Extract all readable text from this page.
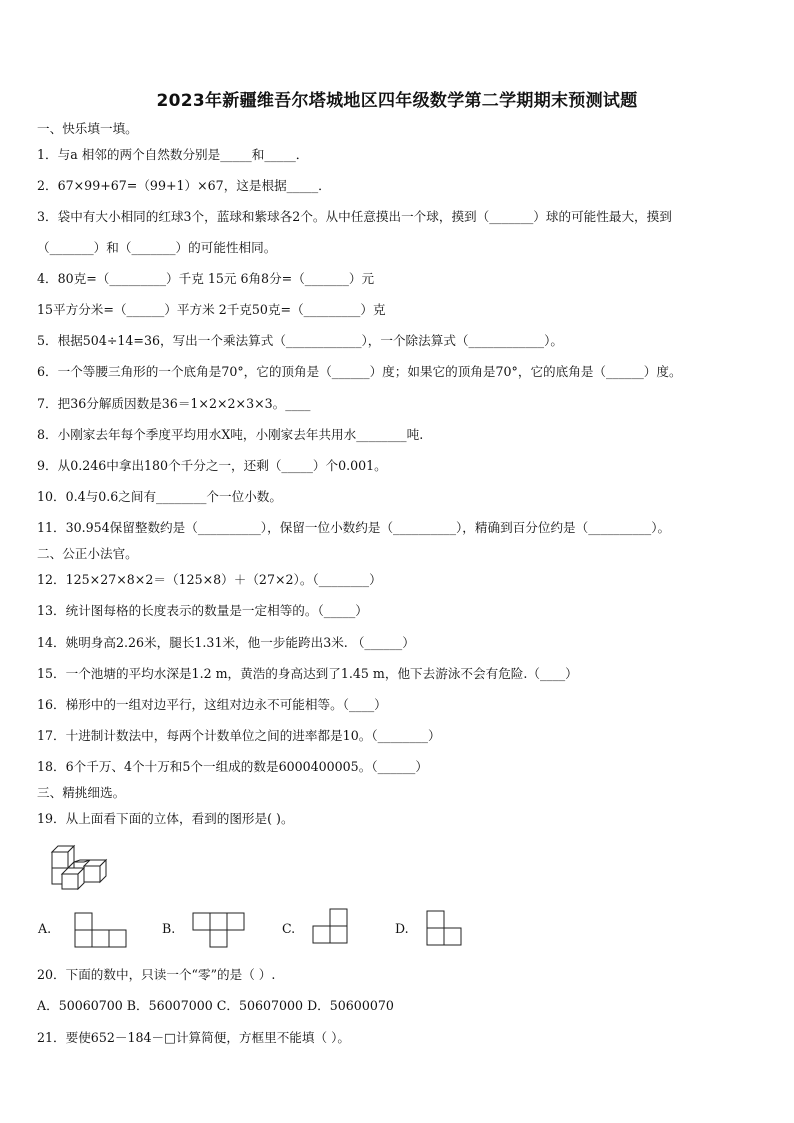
2023年新疆维吾尔塔城地区四年级数学第二学期期末预测试题
一、快乐填一填。
1．与a 相邻的两个自然数分别是_____和_____．
2．67×99+67=（99+1）×67，这是根据_____．
3．袋中有大小相同的红球3个，蓝球和紫球各2个。从中任意摸出一个球，摸到（_______）球的可能性最大，摸到
（_______）和（_______）的可能性相同。
4．80克=（_________）千克 15元 6角8分=（_______）元
15平方分米=（______）平方米 2千克50克=（_________）克
5．根据504÷14=36，写出一个乘法算式（____________），一个除法算式（____________）。
6．一个等腰三角形的一个底角是70°，它的顶角是（______）度；如果它的顶角是70°，它的底角是（______）度。
7．把36分解质因数是36＝1×2×2×3×3。____
8．小刚家去年每个季度平均用水X吨，小刚家去年共用水________吨.
9．从0.246中拿出180个千分之一，还剩（_____）个0.001。
10．0.4与0.6之间有________个一位小数。
11．30.954保留整数约是（__________），保留一位小数约是（__________），精确到百分位约是（__________）。
二、公正小法官。
12．125×27×8×2＝（125×8）＋（27×2）。（________）
13．统计图每格的长度表示的数量是一定相等的。（_____）
14．姚明身高2.26米，腿长1.31米，他一步能跨出3米. （______）
15．一个池塘的平均水深是1.2 m，黄浩的身高达到了1.45 m，他下去游泳不会有危险.（____）
16．梯形中的一组对边平行，这组对边永不可能相等。（____）
17．十进制计数法中，每两个计数单位之间的进率都是10。（________）
18．6个千万、4个十万和5个一组成的数是6000400005。（______）
三、精挑细选。
19．从上面看下面的立体，看到的图形是( )。
A.	B.	C.	D.
20．下面的数中，只读一个“零”的是（ ）.
A．50060700 B．56007000 C．50607000 D．50600070
21．要使652－184－□计算简便，方框里不能填（ ）。
